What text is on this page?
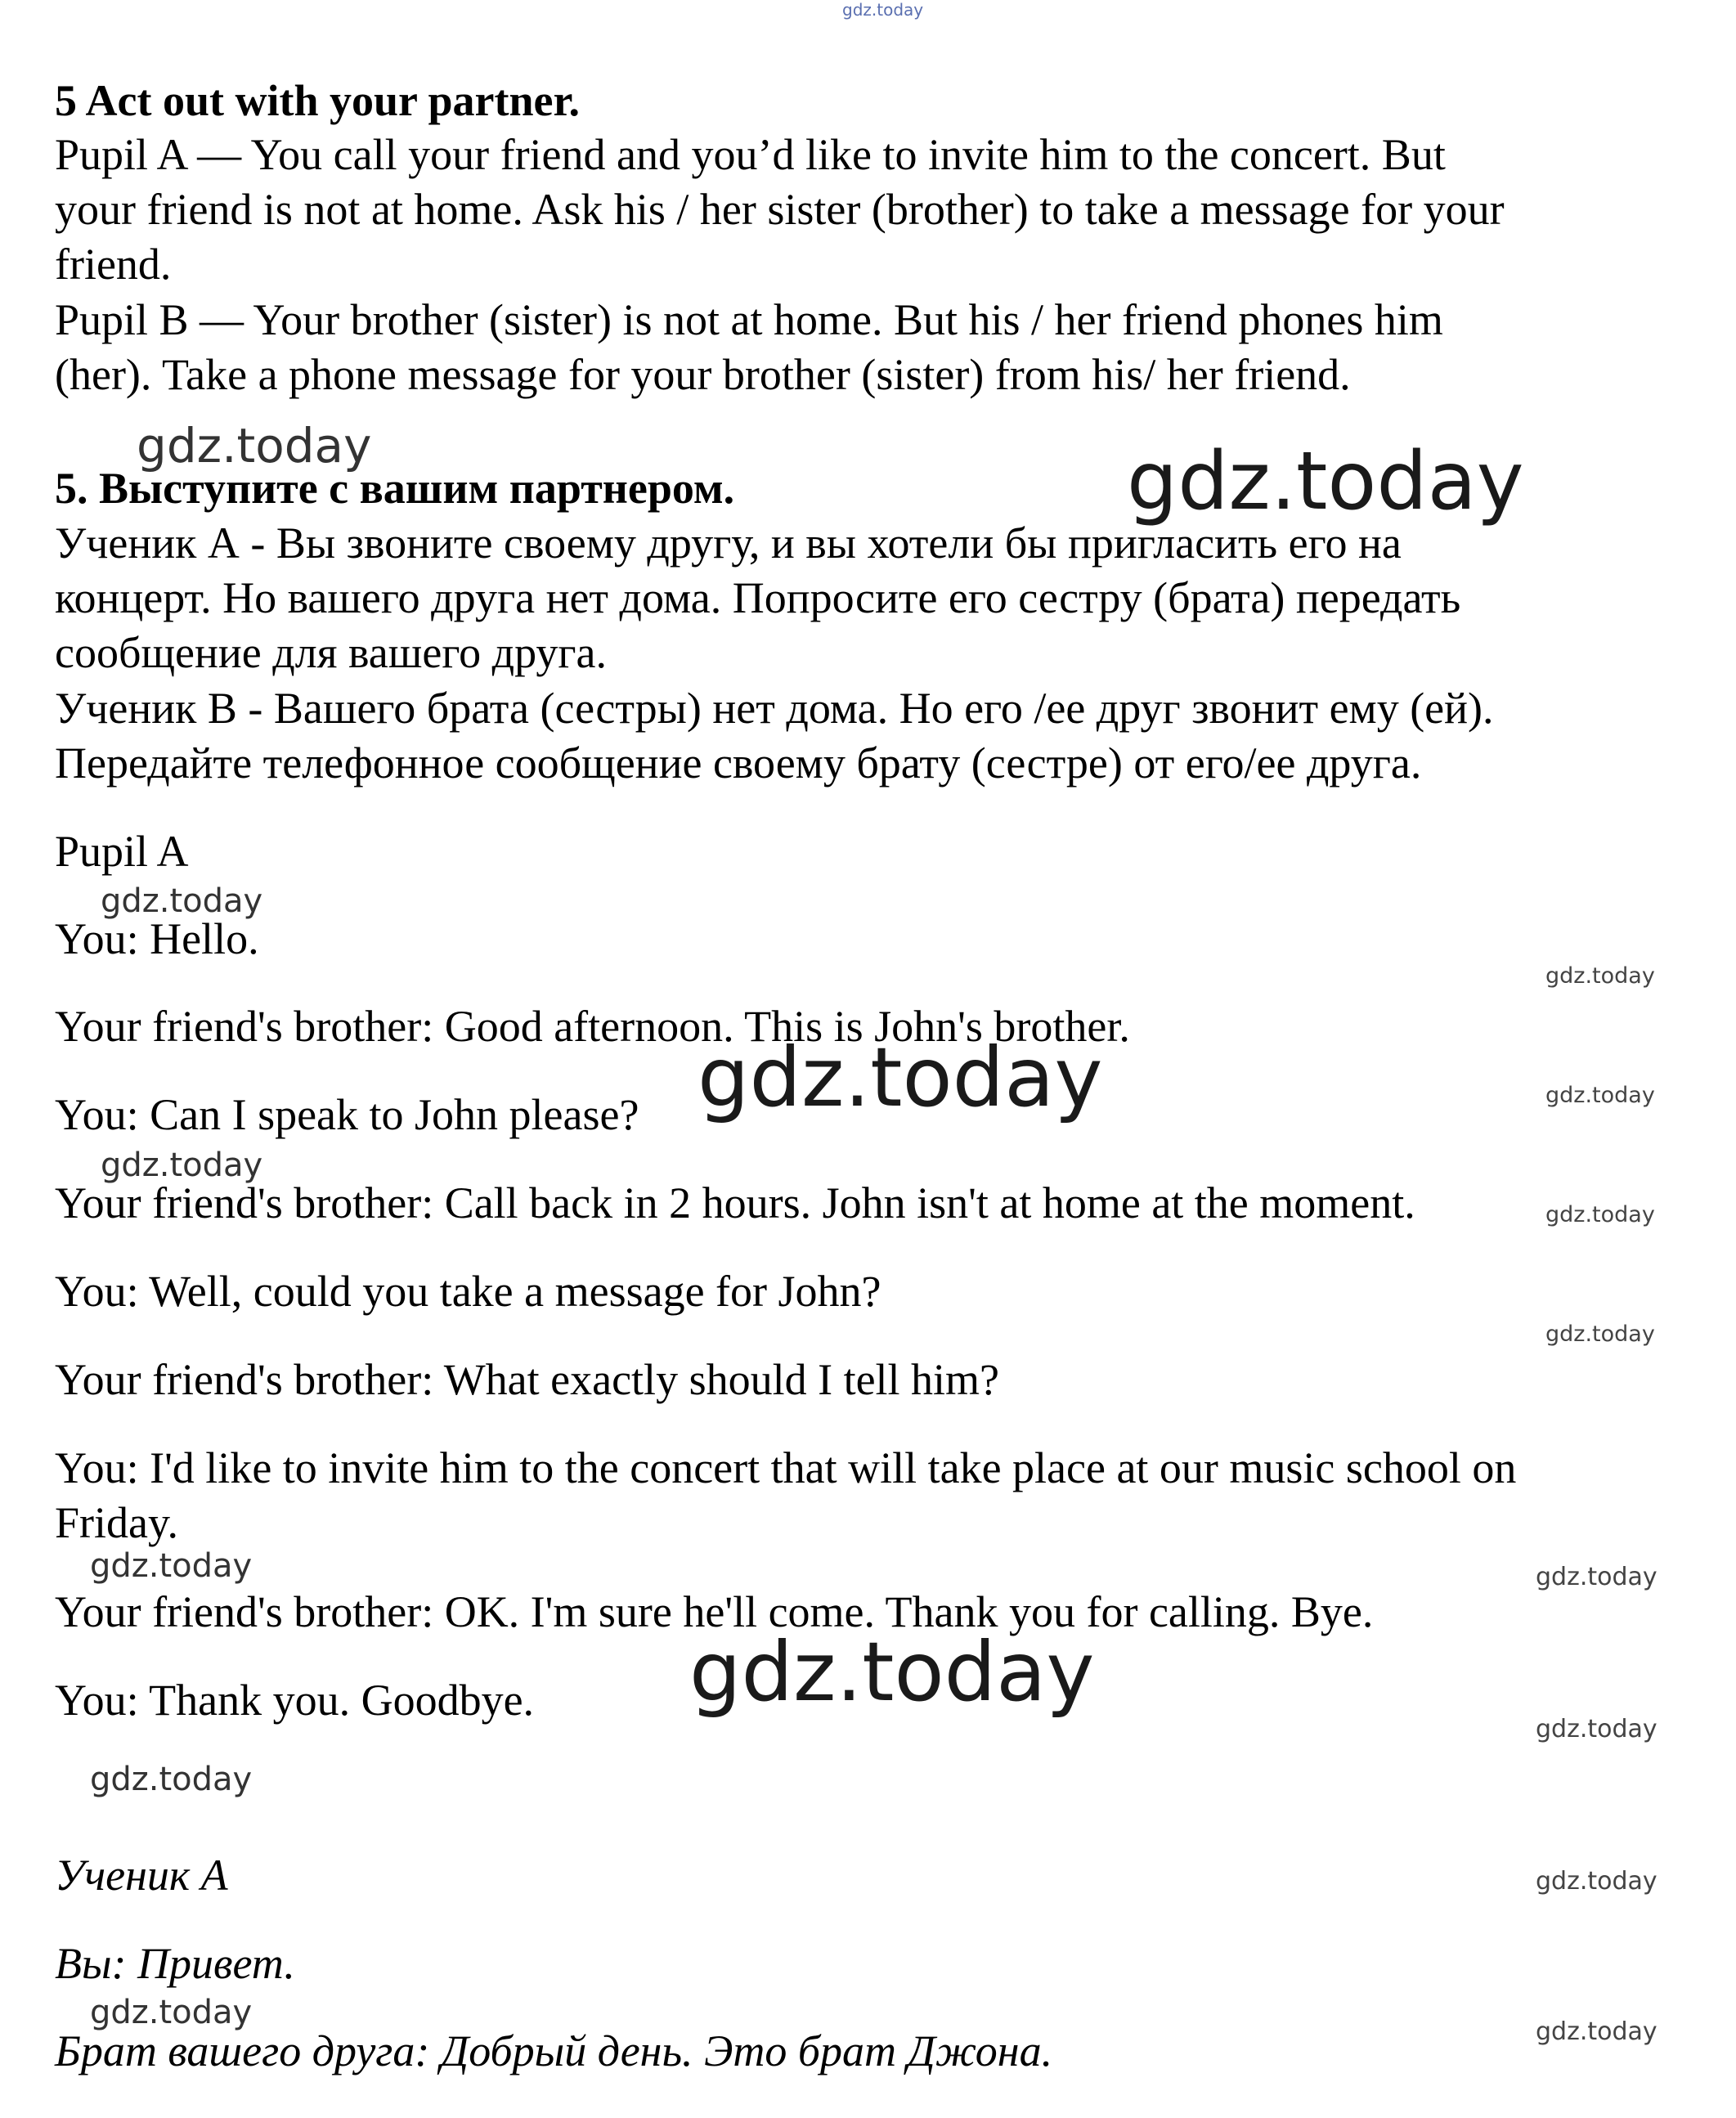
gdz.today
5 Act out with your partner.
Pupil A — You call your friend and you’d like to invite him to the concert. But
your friend is not at home. Ask his / her sister (brother) to take a message for your
friend.
Pupil B — Your brother (sister) is not at home. But his / her friend phones him
(her). Take a phone message for your brother (sister) from his/ her friend.
gdz.today	gdz.today
5. Выступите с вашим партнером.
Ученик А - Вы звоните своему другу, и вы хотели бы пригласить его на
концерт. Но вашего друга нет дома. Попросите его сестру (брата) передать
сообщение для вашего друга.
Ученик В - Вашего брата (сестры) нет дома. Но его /ее друг звонит ему (ей).
Передайте телефонное сообщение своему брату (сестре) от его/ее друга.
Pupil A
gdz.today
You: Hello.
gdz.today
Your friend's brother: Good afternoon. This is John's brother.
You: Can I speak to John please? gdz.today	gdz.today
gdz.today
Your friend's brother: Call back in 2 hours. John isn't at home at the moment.	gdz.today
You: Well, could you take a message for John?
gdz.today
Your friend's brother: What exactly should I tell him?
You: I'd like to invite him to the concert that will take place at our music school on
Friday.
gdz.today	gdz.today
Your friend's brother: OK. I'm sure he'll come. Thank you for calling. Bye.
You: Thank you. Goodbye. gdz.today
gdz.today
gdz.today
Ученик А	gdz.today
Вы: Привет.
gdz.today
gdz.today
Брат вашего друга: Добрый день. Это брат Джона.
